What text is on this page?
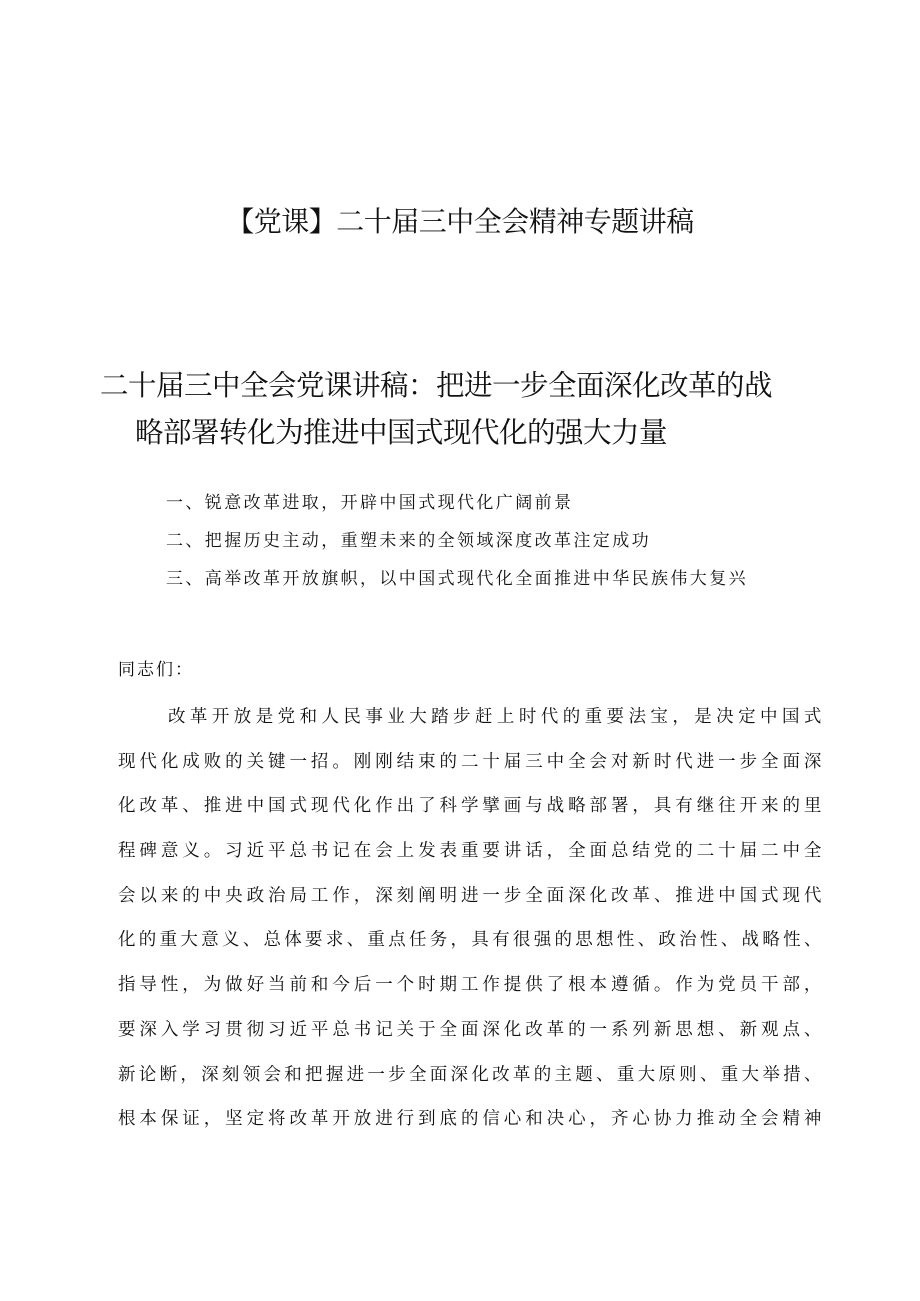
【党课】二十届三中全会精神专题讲稿
二十届三中全会党课讲稿：把进一步全面深化改革的战
略部署转化为推进中国式现代化的强大力量
一、锐意改革进取，开辟中国式现代化广阔前景
二、把握历史主动，重塑未来的全领域深度改革注定成功
三、高举改革开放旗帜，以中国式现代化全面推进中华民族伟大复兴
同志们：
改革开放是党和人民事业大踏步赶上时代的重要法宝，是决定中国式
现代化成败的关键一招。刚刚结束的二十届三中全会对新时代进一步全面深
化改革、推进中国式现代化作出了科学擘画与战略部署，具有继往开来的里
程碑意义。习近平总书记在会上发表重要讲话，全面总结党的二十届二中全
会以来的中央政治局工作，深刻阐明进一步全面深化改革、推进中国式现代
化的重大意义、总体要求、重点任务，具有很强的思想性、政治性、战略性、
指导性，为做好当前和今后一个时期工作提供了根本遵循。作为党员干部，
要深入学习贯彻习近平总书记关于全面深化改革的一系列新思想、新观点、
新论断，深刻领会和把握进一步全面深化改革的主题、重大原则、重大举措、
根本保证，坚定将改革开放进行到底的信心和决心，齐心协力推动全会精神
